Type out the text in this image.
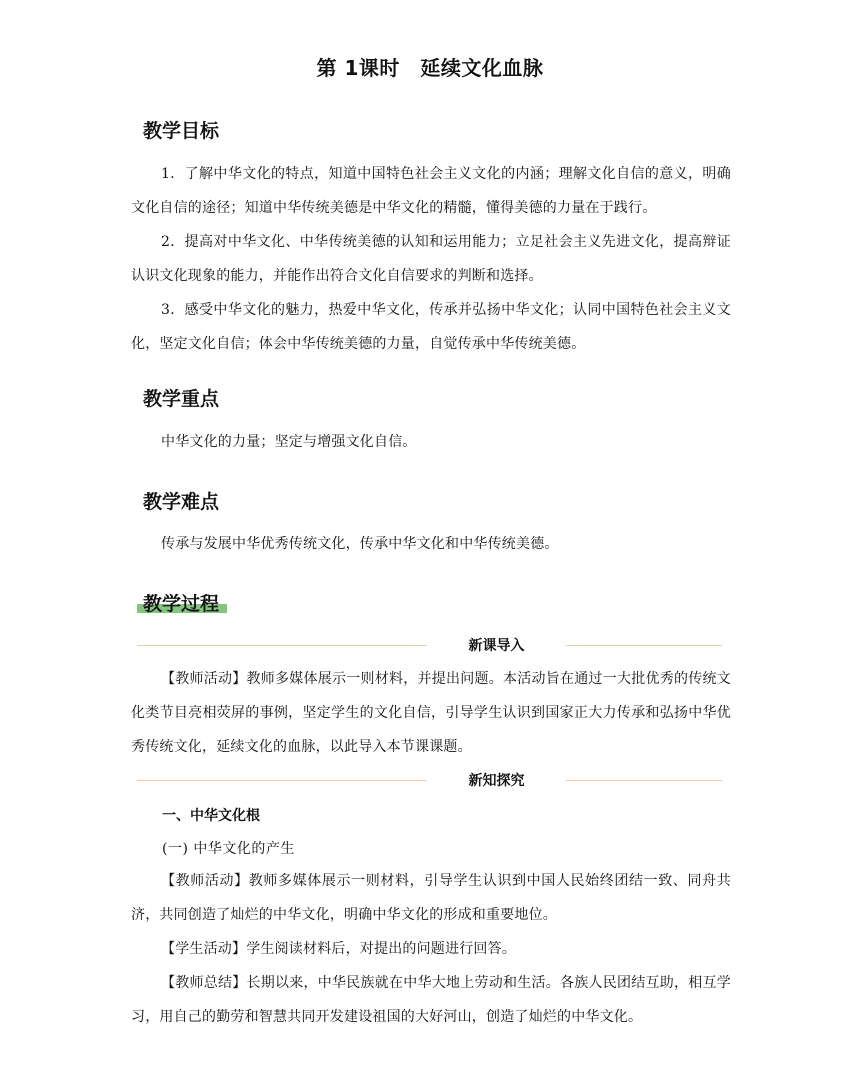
第 1课时　延续文化血脉
教学目标
1．了解中华文化的特点，知道中国特色社会主义文化的内涵；理解文化自信的意义，明确文化自信的途径；知道中华传统美德是中华文化的精髓，懂得美德的力量在于践行。
2．提高对中华文化、中华传统美德的认知和运用能力；立足社会主义先进文化，提高辩证认识文化现象的能力，并能作出符合文化自信要求的判断和选择。
3．感受中华文化的魅力，热爱中华文化，传承并弘扬中华文化；认同中国特色社会主义文化，坚定文化自信；体会中华传统美德的力量，自觉传承中华传统美德。
教学重点
中华文化的力量；坚定与增强文化自信。
教学难点
传承与发展中华优秀传统文化，传承中华文化和中华传统美德。
教学过程
新课导入
【教师活动】教师多媒体展示一则材料，并提出问题。本活动旨在通过一大批优秀的传统文化类节目亮相荧屏的事例，坚定学生的文化自信，引导学生认识到国家正大力传承和弘扬中华优秀传统文化，延续文化的血脉，以此导入本节课课题。
新知探究
一、中华文化根
(一) 中华文化的产生
【教师活动】教师多媒体展示一则材料，引导学生认识到中国人民始终团结一致、同舟共济，共同创造了灿烂的中华文化，明确中华文化的形成和重要地位。
【学生活动】学生阅读材料后，对提出的问题进行回答。
【教师总结】长期以来，中华民族就在中华大地上劳动和生活。各族人民团结互助，相互学习，用自己的勤劳和智慧共同开发建设祖国的大好河山，创造了灿烂的中华文化。
